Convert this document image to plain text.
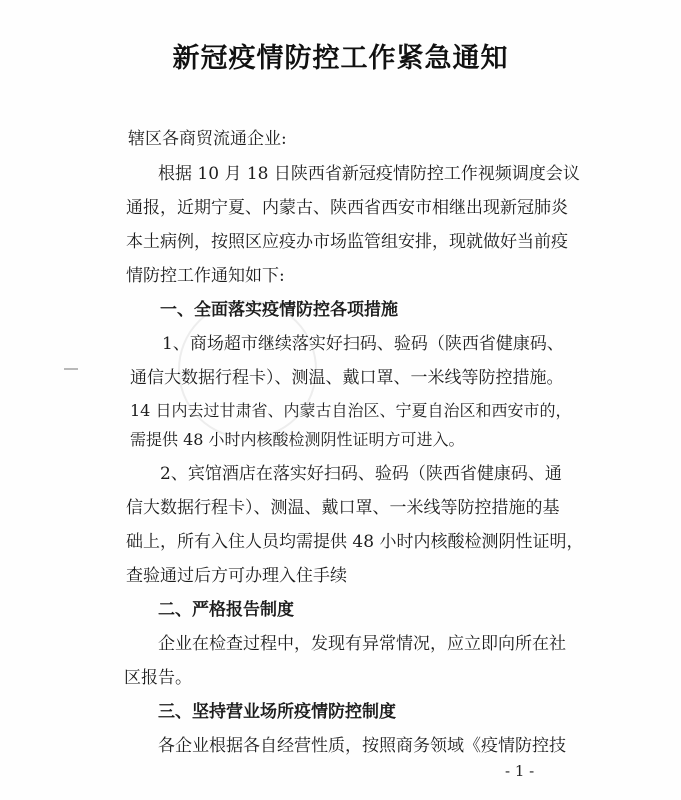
新冠疫情防控工作紧急通知
辖区各商贸流通企业:
根据 10 月 18 日陕西省新冠疫情防控工作视频调度会议
通报，近期宁夏、内蒙古、陕西省西安市相继出现新冠肺炎
本土病例，按照区应疫办市场监管组安排，现就做好当前疫
情防控工作通知如下:
一、全面落实疫情防控各项措施
1、商场超市继续落实好扫码、验码（陕西省健康码、
通信大数据行程卡）、测温、戴口罩、一米线等防控措施。
14 日内去过甘肃省、内蒙古自治区、宁夏自治区和西安市的，
需提供 48 小时内核酸检测阴性证明方可进入。
2、宾馆酒店在落实好扫码、验码（陕西省健康码、通
信大数据行程卡）、测温、戴口罩、一米线等防控措施的基
础上，所有入住人员均需提供 48 小时内核酸检测阴性证明，
查验通过后方可办理入住手续
二、严格报告制度
企业在检查过程中，发现有异常情况，应立即向所在社
区报告。
三、坚持营业场所疫情防控制度
各企业根据各自经营性质，按照商务领域《疫情防控技
- 1 -
